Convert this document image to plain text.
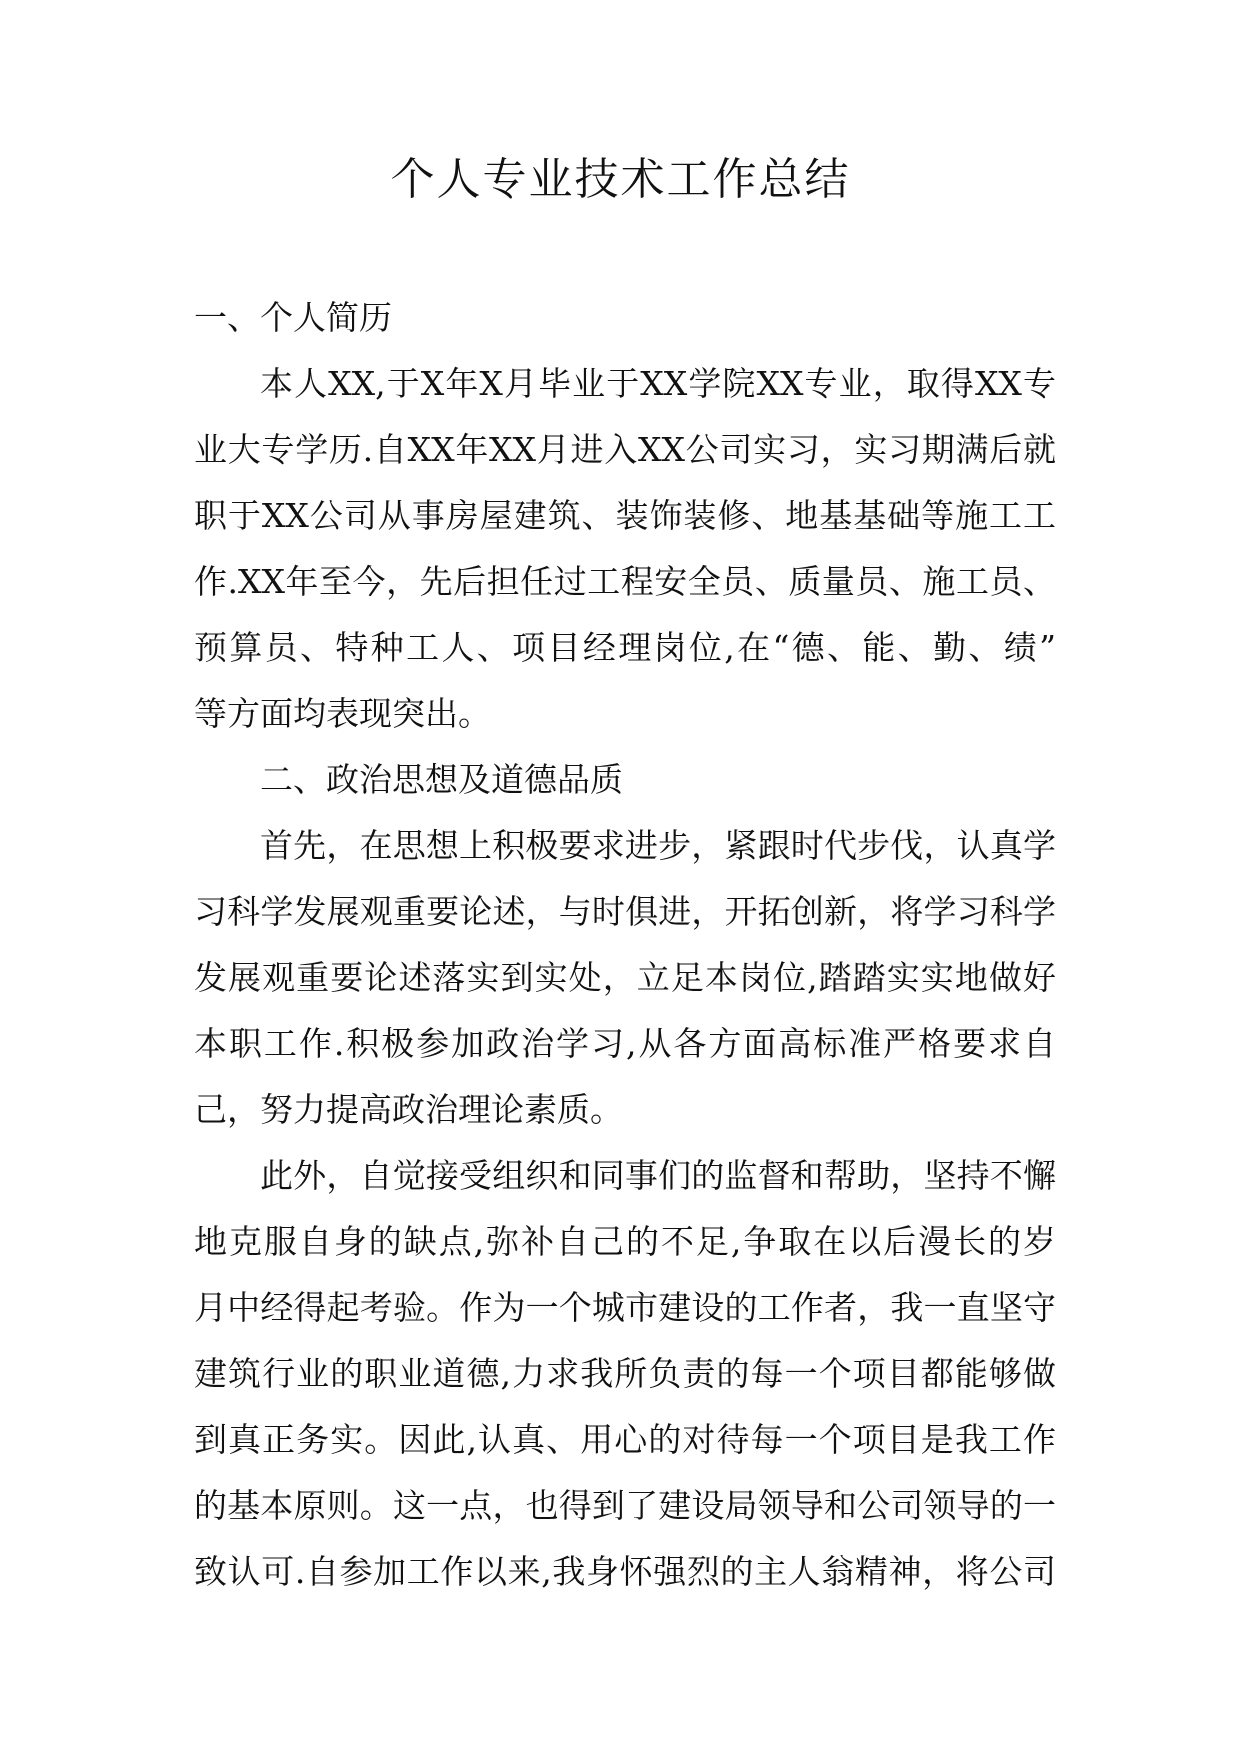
个人专业技术工作总结
一、个人简历
本人XX,于X年X月毕业于XX学院XX专业，取得XX专
业大专学历.自XX年XX月进入XX公司实习，实习期满后就
职于XX公司从事房屋建筑、装饰装修、地基基础等施工工
作.XX年至今，先后担任过工程安全员、质量员、施工员、
预算员、特种工人、项目经理岗位,在“德、能、勤、绩”
等方面均表现突出。
二、政治思想及道德品质
首先，在思想上积极要求进步，紧跟时代步伐，认真学
习科学发展观重要论述，与时俱进，开拓创新，将学习科学
发展观重要论述落实到实处，立足本岗位,踏踏实实地做好
本职工作.积极参加政治学习,从各方面高标准严格要求自
己，努力提高政治理论素质。
此外，自觉接受组织和同事们的监督和帮助，坚持不懈
地克服自身的缺点,弥补自己的不足,争取在以后漫长的岁
月中经得起考验。作为一个城市建设的工作者，我一直坚守
建筑行业的职业道德,力求我所负责的每一个项目都能够做
到真正务实。因此,认真、用心的对待每一个项目是我工作
的基本原则。这一点，也得到了建设局领导和公司领导的一
致认可.自参加工作以来,我身怀强烈的主人翁精神，将公司
